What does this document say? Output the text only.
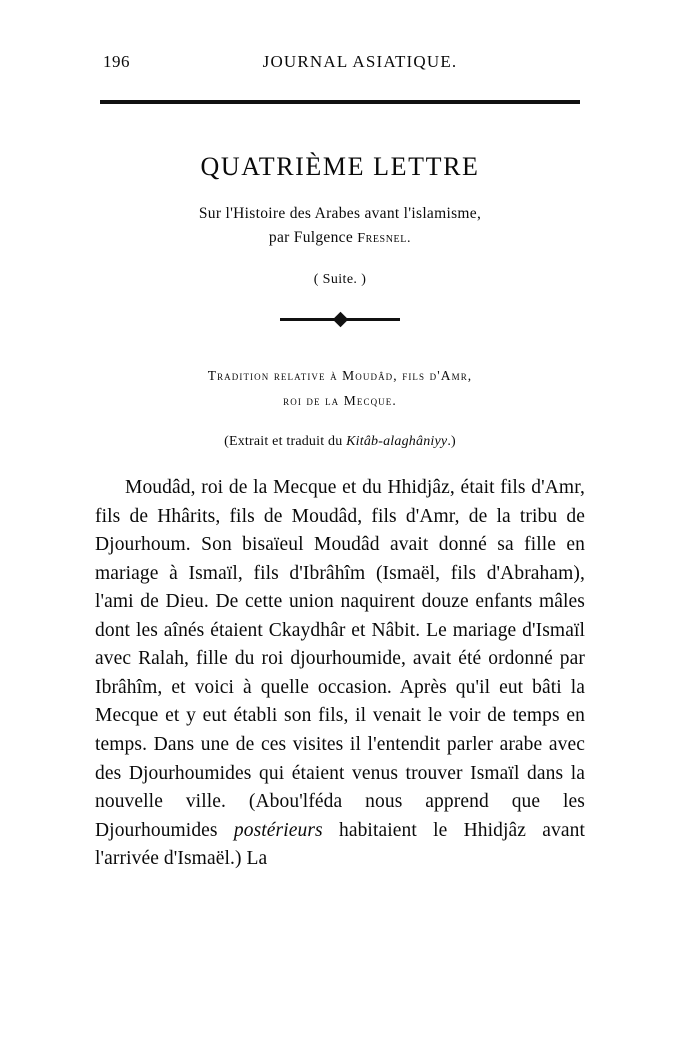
196	JOURNAL ASIATIQUE.
QUATRIÈME LETTRE
Sur l'Histoire des Arabes avant l'islamisme,
par Fulgence Fresnel.
( Suite. )
Tradition relative à Moudâd, fils d'Amr,
roi de la Mecque.
(Extrait et traduit du Kitâb-alaghâniyy.)

Moudâd, roi de la Mecque et du Hhidjâz, était fils d'Amr, fils de Hhârits, fils de Moudâd, fils d'Amr, de la tribu de Djourhoum. Son bisaïeul Moudâd avait donné sa fille en mariage à Ismaïl, fils d'Ibrâhîm (Ismaël, fils d'Abraham), l'ami de Dieu. De cette union naquirent douze enfants mâles dont les aînés étaient Ckaydhâr et Nâbit. Le mariage d'Ismaïl avec Ralah, fille du roi djourhoumide, avait été ordonné par Ibrâhîm, et voici à quelle occasion. Après qu'il eut bâti la Mecque et y eut établi son fils, il venait le voir de temps en temps. Dans une de ces visites il l'entendit parler arabe avec des Djourhoumides qui étaient venus trouver Ismaïl dans la nouvelle ville. (Abou'lféda nous apprend que les Djourhoumides postérieurs habitaient le Hhidjâz avant l'arrivée d'Ismaël.) La
